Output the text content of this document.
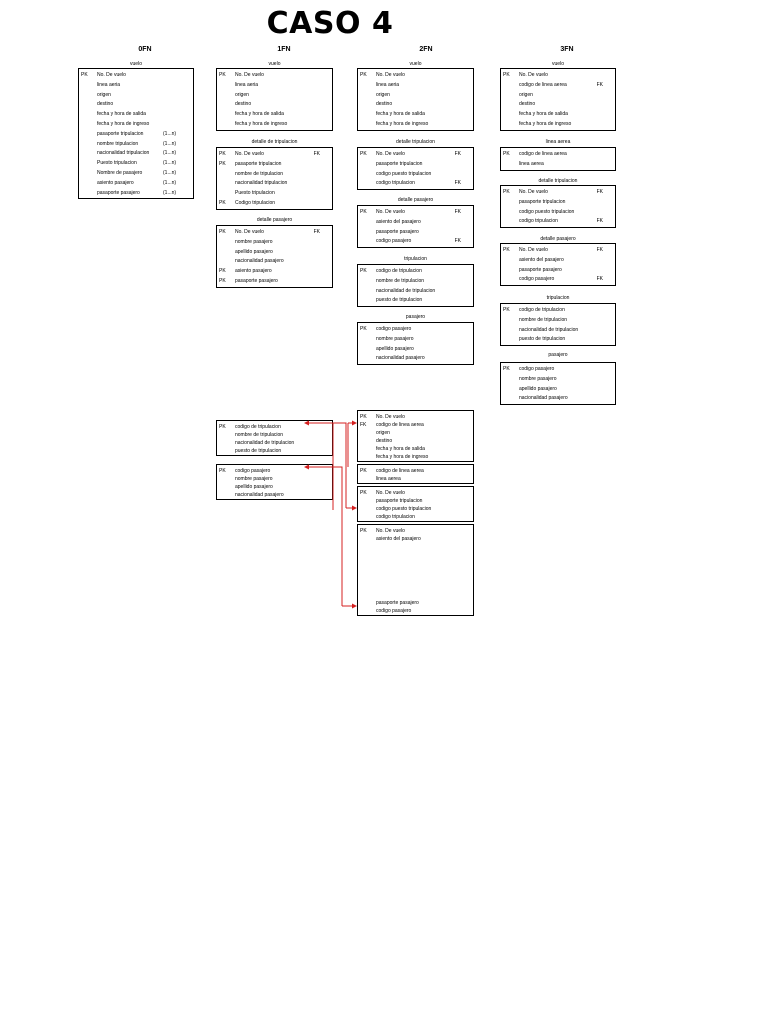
CASO 4
0FN	1FN	2FN	3FN
vuelo
PK No. De vuelo
linea aeria
origen
destino
fecha y hora de salida
fecha y hora de ingreso
pasaporte tripulacion	(1...n)
nombre tripulacion	(1...n)
nacionalidad tripulacion	(1...n)
Puesto tripulacion	(1...n)
Nombre de pasajero	(1...n)
asiento pasajero	(1...n)
pasaporte pasajero	(1...n)
vuelo
PK No. De vuelo
linea aeria
origen
destino
fecha y hora de salida
fecha y hora de ingreso
detalle de tripulacion
PK No. De vuelo	FK
PK pasaporte tripulacion
nombre de tripulacion
nacionalidad tripulacion
Puesto tripulacion
PK Codigo tripulacion
detalle pasajero
PK No. De vuelo	FK
nombre pasajero
apellido pasajero
nacionalidad pasajero
PK asiento pasajero
PK pasaporte pasajero
vuelo
PK No. De vuelo
linea aeria
origen
destino
fecha y hora de salida
fecha y hora de ingreso
detalle tripulacion
PK No. De vuelo	FK
pasaporte tripulacion
codigo puesto tripulacion
codigo tripulacion	FK
detalle pasajero
PK No. De vuelo	FK
asiento del pasajero
pasaporte pasajero
codigo pasajero	FK
tripulacion
PK codigo de tripulacion
nombre de tripulacion
nacionalidad de tripulacion
puesto de tripulacion
pasajero
PK codigo pasajero
nombre pasajero
apellido pasajero
nacionalidad pasajero
vuelo
PK No. De vuelo
codigo de linea aerea	FK
origen
destino
fecha y hora de salida
fecha y hora de ingreso
linea aerea
PK codigo de linea aerea
linea aerea
detalle tripulacion
PK No. De vuelo	FK
pasaporte tripulacion
codigo puesto tripulacion
codigo tripulacion	FK
detalle pasajero
PK No. De vuelo	FK
asiento del pasajero
pasaporte pasajero
codigo pasajero	FK
tripulacion
PK codigo de tripulacion
nombre de tripulacion
nacionalidad de tripulacion
puesto de tripulacion
pasajero
PK codigo pasajero
nombre pasajero
apellido pasajero
nacionalidad pasajero
PK codigo de tripulacion
nombre de tripulacion
nacionalidad de tripulacion
puesto de tripulacion
PK codigo pasajero
nombre pasajero
apellido pasajero
nacionalidad pasajero
PK No. De vuelo
FK codigo de linea aerea
origen
destino
fecha y hora de salida
fecha y hora de ingreso
PK codigo de linea aerea
linea aerea
PK No. De vuelo
pasaporte tripulacion
codigo puesto tripulacion
codigo tripulacion
PK No. De vuelo
asiento del pasajero
pasaporte pasajero
codigo pasajero
